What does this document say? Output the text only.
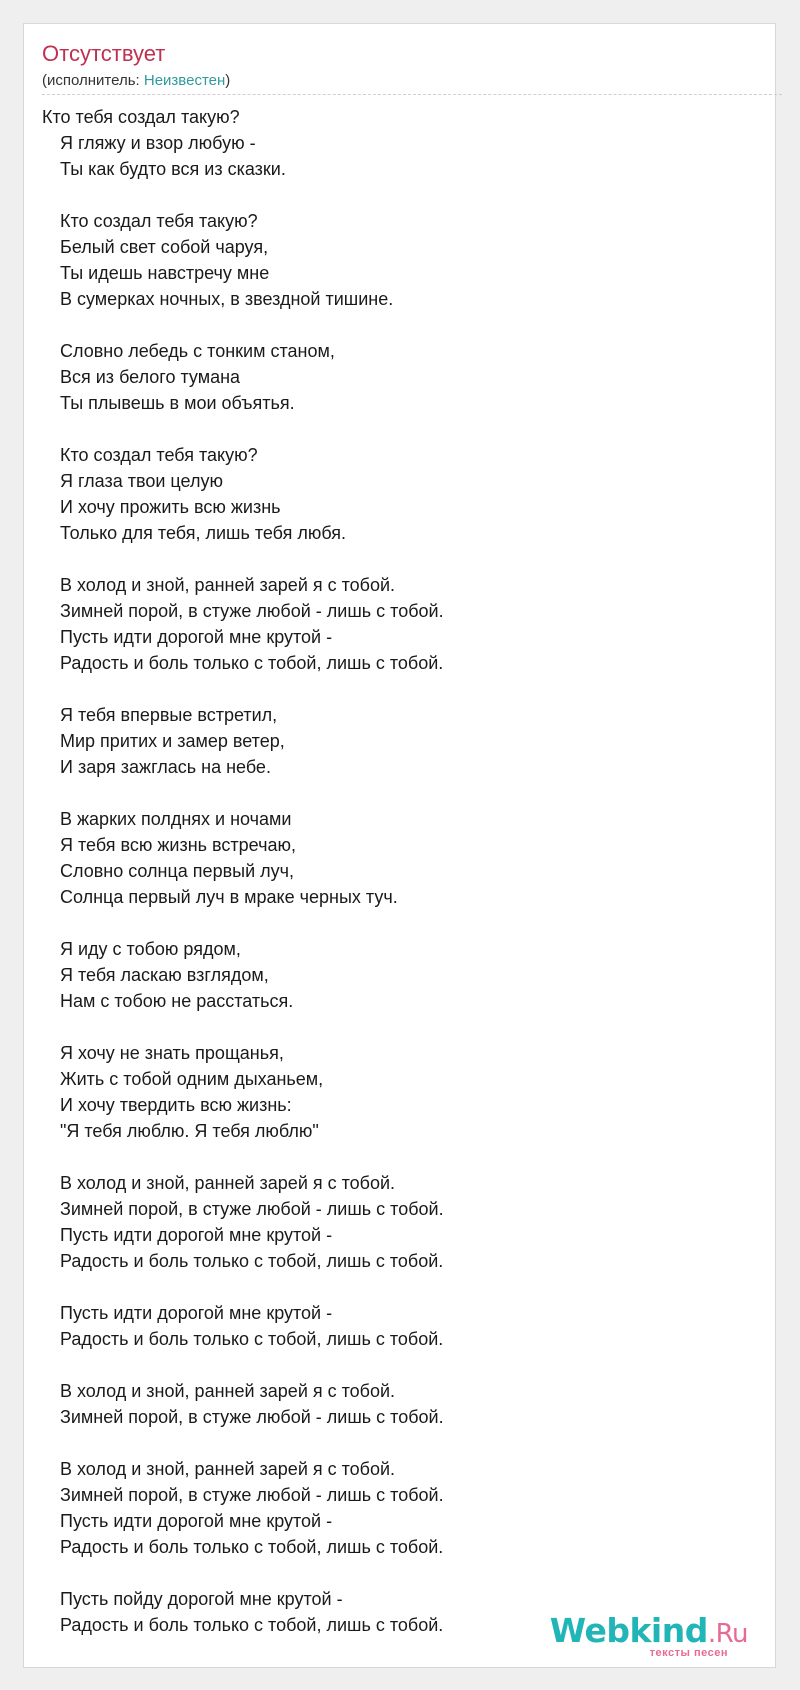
Отсутствует
(исполнитель: Неизвестен)
Кто тебя создал такую?
Я гляжу и взор любую -
Ты как будто вся из сказки.
Кто создал тебя такую?
Белый свет собой чаруя,
Ты идешь навстречу мне
В сумерках ночных, в звездной тишине.
Словно лебедь с тонким станом,
Вся из белого тумана
Ты плывешь в мои объятья.
Кто создал тебя такую?
Я глаза твои целую
И хочу прожить всю жизнь
Только для тебя, лишь тебя любя.
В холод и зной, ранней зарей я с тобой.
Зимней порой, в стуже любой - лишь с тобой.
Пусть идти дорогой мне крутой -
Радость и боль только с тобой, лишь с тобой.
Я тебя впервые встретил,
Мир притих и замер ветер,
И заря зажглась на небе.
В жарких полднях и ночами
Я тебя всю жизнь встречаю,
Словно солнца первый луч,
Солнца первый луч в мраке черных туч.
Я иду с тобою рядом,
Я тебя ласкаю взглядом,
Нам с тобою не расстаться.
Я хочу не знать прощанья,
Жить с тобой одним дыханьем,
И хочу твердить всю жизнь:
"Я тебя люблю. Я тебя люблю"
В холод и зной, ранней зарей я с тобой.
Зимней порой, в стуже любой - лишь с тобой.
Пусть идти дорогой мне крутой -
Радость и боль только с тобой, лишь с тобой.
Пусть идти дорогой мне крутой -
Радость и боль только с тобой, лишь с тобой.
В холод и зной, ранней зарей я с тобой.
Зимней порой, в стуже любой - лишь с тобой.
В холод и зной, ранней зарей я с тобой.
Зимней порой, в стуже любой - лишь с тобой.
Пусть идти дорогой мне крутой -
Радость и боль только с тобой, лишь с тобой.
Пусть пойду дорогой мне крутой -
Радость и боль только с тобой, лишь с тобой.	Webkind.Ru
тексты песен
